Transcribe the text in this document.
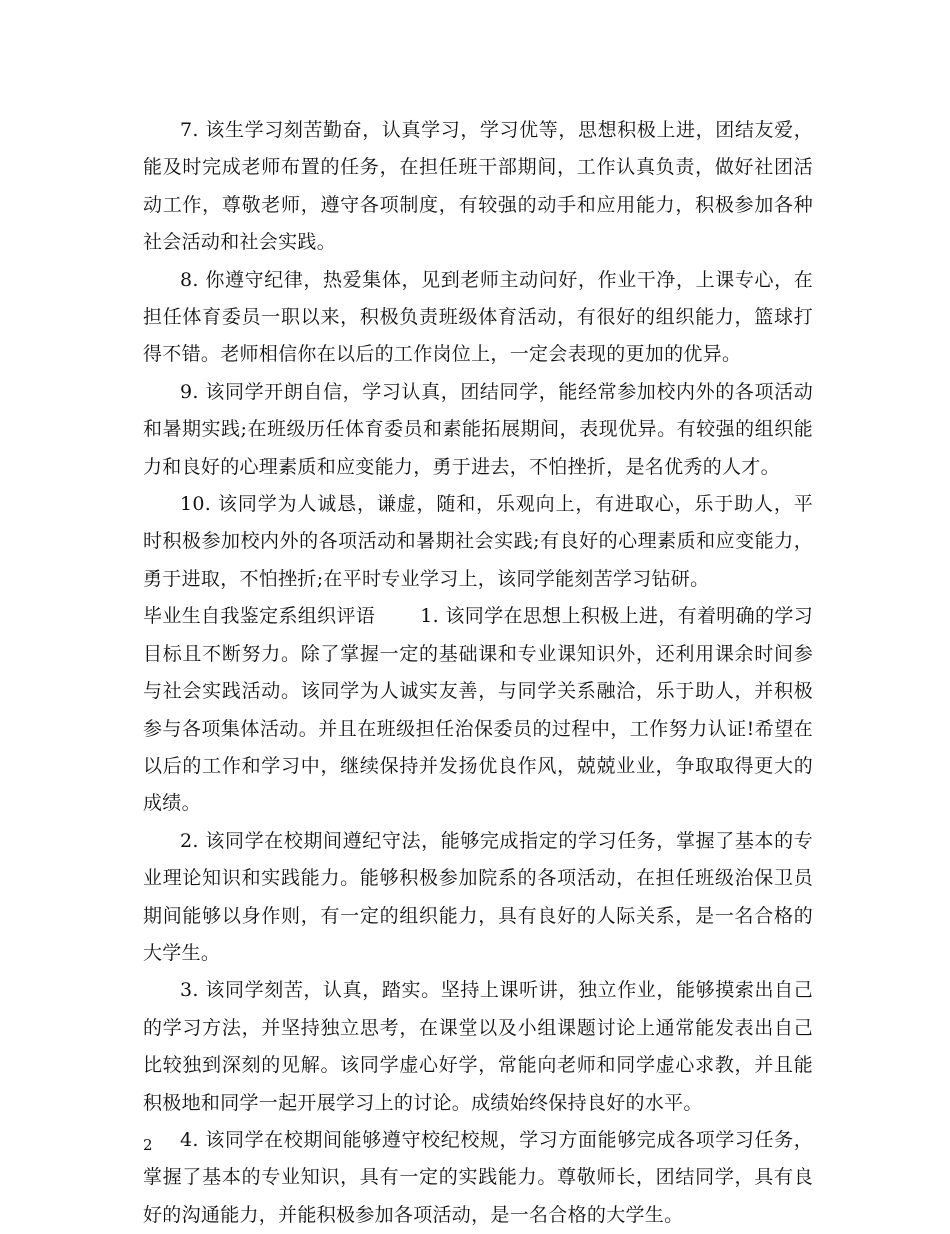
7. 该生学习刻苦勤奋，认真学习，学习优等，思想积极上进，团结友爱，能及时完成老师布置的任务，在担任班干部期间，工作认真负责，做好社团活动工作，尊敬老师，遵守各项制度，有较强的动手和应用能力，积极参加各种社会活动和社会实践。

8. 你遵守纪律，热爱集体，见到老师主动问好，作业干净，上课专心，在担任体育委员一职以来，积极负责班级体育活动，有很好的组织能力，篮球打得不错。老师相信你在以后的工作岗位上，一定会表现的更加的优异。

9. 该同学开朗自信，学习认真，团结同学，能经常参加校内外的各项活动和暑期实践;在班级历任体育委员和素能拓展期间，表现优异。有较强的组织能力和良好的心理素质和应变能力，勇于进去，不怕挫折，是名优秀的人才。

10. 该同学为人诚恳，谦虚，随和，乐观向上，有进取心，乐于助人，平时积极参加校内外的各项活动和暑期社会实践;有良好的心理素质和应变能力，勇于进取，不怕挫折;在平时专业学习上，该同学能刻苦学习钻研。

毕业生自我鉴定系组织评语　　 1. 该同学在思想上积极上进，有着明确的学习目标且不断努力。除了掌握一定的基础课和专业课知识外，还利用课余时间参与社会实践活动。该同学为人诚实友善，与同学关系融洽，乐于助人，并积极参与各项集体活动。并且在班级担任治保委员的过程中，工作努力认证!希望在以后的工作和学习中，继续保持并发扬优良作风，兢兢业业，争取取得更大的成绩。

2. 该同学在校期间遵纪守法，能够完成指定的学习任务，掌握了基本的专业理论知识和实践能力。能够积极参加院系的各项活动，在担任班级治保卫员期间能够以身作则，有一定的组织能力，具有良好的人际关系，是一名合格的大学生。

3. 该同学刻苦，认真，踏实。坚持上课听讲，独立作业，能够摸索出自己的学习方法，并坚持独立思考，在课堂以及小组课题讨论上通常能发表出自己比较独到深刻的见解。该同学虚心好学，常能向老师和同学虚心求教，并且能积极地和同学一起开展学习上的讨论。成绩始终保持良好的水平。

4. 该同学在校期间能够遵守校纪校规，学习方面能够完成各项学习任务，掌握了基本的专业知识，具有一定的实践能力。尊敬师长，团结同学，具有良好的沟通能力，并能积极参加各项活动，是一名合格的大学生。

2
